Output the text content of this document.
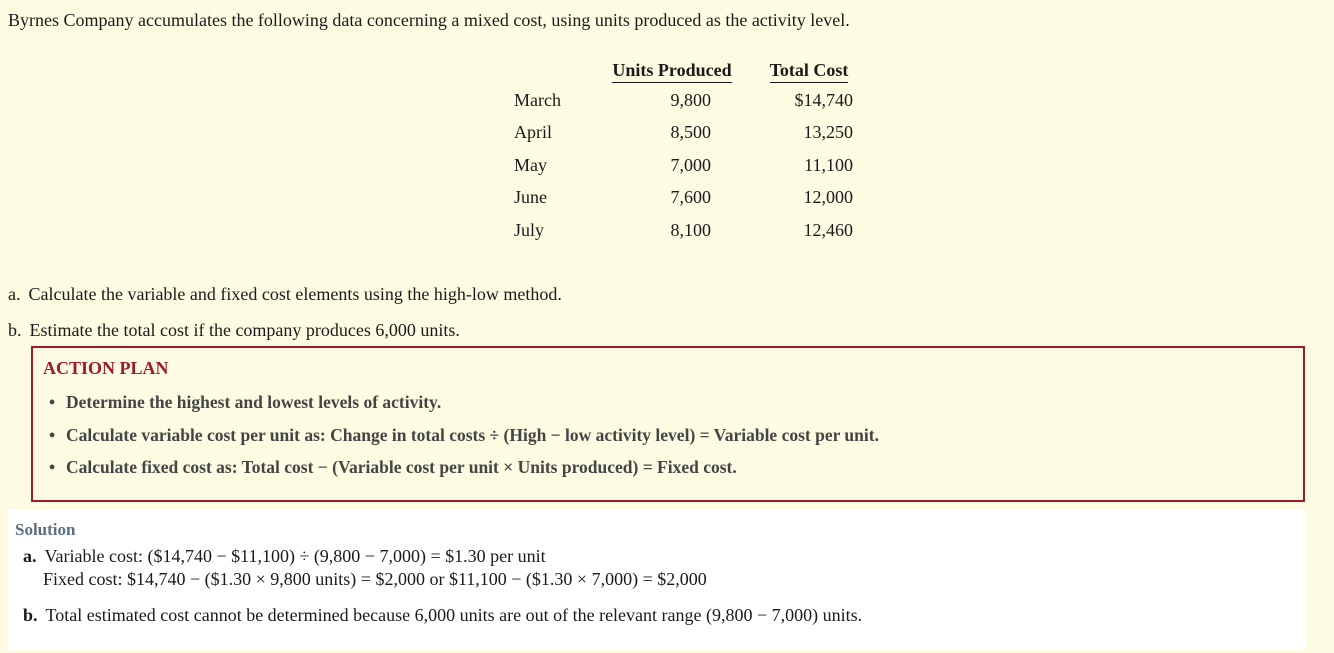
Byrnes Company accumulates the following data concerning a mixed cost, using units produced as the activity level.
	Units Produced	Total Cost
March	9,800	$14,740
April	8,500	13,250
May	7,000	11,100
June	7,600	12,000
July	8,100	12,460
a. Calculate the variable and fixed cost elements using the high-low method.
b. Estimate the total cost if the company produces 6,000 units.
ACTION PLAN
• Determine the highest and lowest levels of activity.
• Calculate variable cost per unit as: Change in total costs ÷ (High − low activity level) = Variable cost per unit.
• Calculate fixed cost as: Total cost − (Variable cost per unit × Units produced) = Fixed cost.
Solution
a. Variable cost: ($14,740 − $11,100) ÷ (9,800 − 7,000) = $1.30 per unit
Fixed cost: $14,740 − ($1.30 × 9,800 units) = $2,000 or $11,100 − ($1.30 × 7,000) = $2,000
b. Total estimated cost cannot be determined because 6,000 units are out of the relevant range (9,800 − 7,000) units.
